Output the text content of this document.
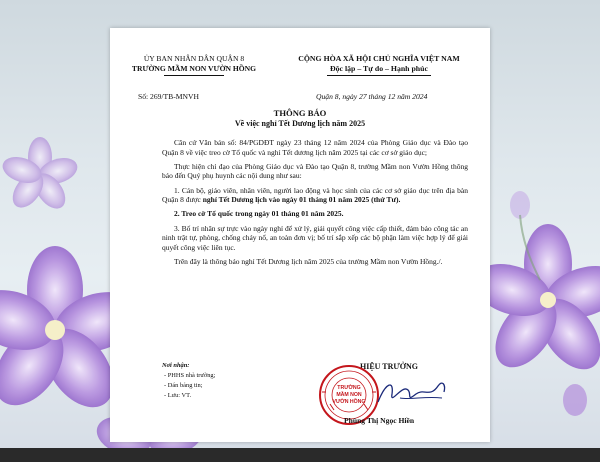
ỦY BAN NHÂN DÂN QUẬN 8
TRƯỜNG MẦM NON VƯỜN HỒNG
CỘNG HÒA XÃ HỘI CHỦ NGHĨA VIỆT NAM
Độc lập – Tự do – Hạnh phúc
Số: 269/TB-MNVH	Quận 8, ngày 27 tháng 12 năm 2024
THÔNG BÁO
Về việc nghỉ Tết Dương lịch năm 2025

Căn cứ Văn bản số: 84/PGDĐT ngày 23 tháng 12 năm 2024 của Phòng Giáo dục và Đào tạo Quận 8 về việc treo cờ Tổ quốc và nghỉ Tết dương lịch năm 2025 tại các cơ sở giáo dục;

Thực hiện chỉ đạo của Phòng Giáo dục và Đào tạo Quận 8, trường Mầm non Vườn Hồng thông báo đến Quý phụ huynh các nội dung như sau:

1. Cán bộ, giáo viên, nhân viên, người lao động và học sinh của các cơ sở giáo dục trên địa bàn Quận 8 được nghỉ Tết Dương lịch vào ngày 01 tháng 01 năm 2025 (thứ Tư).

2. Treo cờ Tổ quốc trong ngày 01 tháng 01 năm 2025.

3. Bố trí nhân sự trực vào ngày nghỉ để xử lý, giải quyết công việc cấp thiết, đảm bảo công tác an ninh trật tự, phòng, chống cháy nổ, an toàn đơn vị; bố trí sắp xếp các bộ phận làm việc hợp lý để giải quyết công việc liên tục.

Trên đây là thông báo nghỉ Tết Dương lịch năm 2025 của trường Mầm non Vườn Hồng./.

Nơi nhận:
- PHHS nhà trường;
- Dán bảng tin;
- Lưu: VT.
HIỆU TRƯỞNG
TRƯỜNG
MẦM NON
VƯỜN HỒNG
Phùng Thị Ngọc Hiền
